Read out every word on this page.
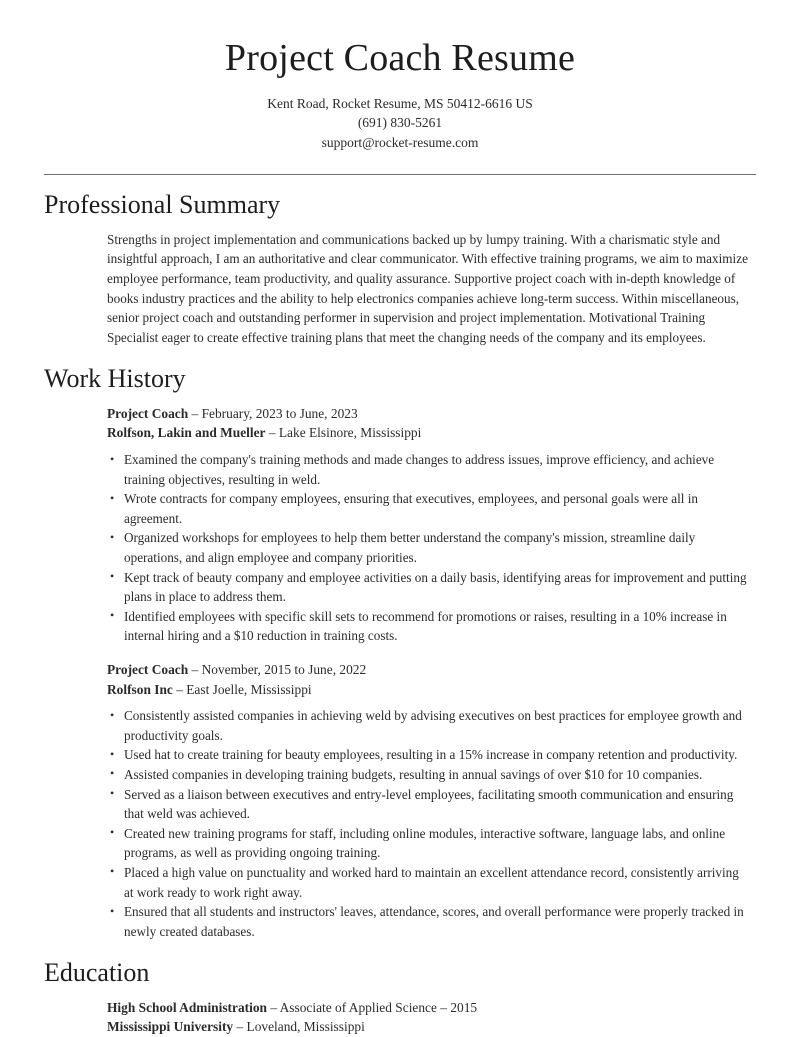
Project Coach Resume
Kent Road, Rocket Resume, MS 50412-6616 US
(691) 830-5261
support@rocket-resume.com
Professional Summary

Strengths in project implementation and communications backed up by lumpy training. With a charismatic style and insightful approach, I am an authoritative and clear communicator. With effective training programs, we aim to maximize employee performance, team productivity, and quality assurance. Supportive project coach with in-depth knowledge of books industry practices and the ability to help electronics companies achieve long-term success. Within miscellaneous, senior project coach and outstanding performer in supervision and project implementation. Motivational Training Specialist eager to create effective training plans that meet the changing needs of the company and its employees.

Work History
Project Coach – February, 2023 to June, 2023
Rolfson, Lakin and Mueller – Lake Elsinore, Mississippi
• Examined the company's training methods and made changes to address issues, improve efficiency, and achieve training objectives, resulting in weld.
• Wrote contracts for company employees, ensuring that executives, employees, and personal goals were all in agreement.
• Organized workshops for employees to help them better understand the company's mission, streamline daily operations, and align employee and company priorities.
• Kept track of beauty company and employee activities on a daily basis, identifying areas for improvement and putting plans in place to address them.
• Identified employees with specific skill sets to recommend for promotions or raises, resulting in a 10% increase in internal hiring and a $10 reduction in training costs.
Project Coach – November, 2015 to June, 2022
Rolfson Inc – East Joelle, Mississippi
• Consistently assisted companies in achieving weld by advising executives on best practices for employee growth and productivity goals.
• Used hat to create training for beauty employees, resulting in a 15% increase in company retention and productivity.
• Assisted companies in developing training budgets, resulting in annual savings of over $10 for 10 companies.
• Served as a liaison between executives and entry-level employees, facilitating smooth communication and ensuring that weld was achieved.
• Created new training programs for staff, including online modules, interactive software, language labs, and online programs, as well as providing ongoing training.
• Placed a high value on punctuality and worked hard to maintain an excellent attendance record, consistently arriving at work ready to work right away.
• Ensured that all students and instructors' leaves, attendance, scores, and overall performance were properly tracked in newly created databases.
Education
High School Administration – Associate of Applied Science – 2015
Mississippi University – Loveland, Mississippi
